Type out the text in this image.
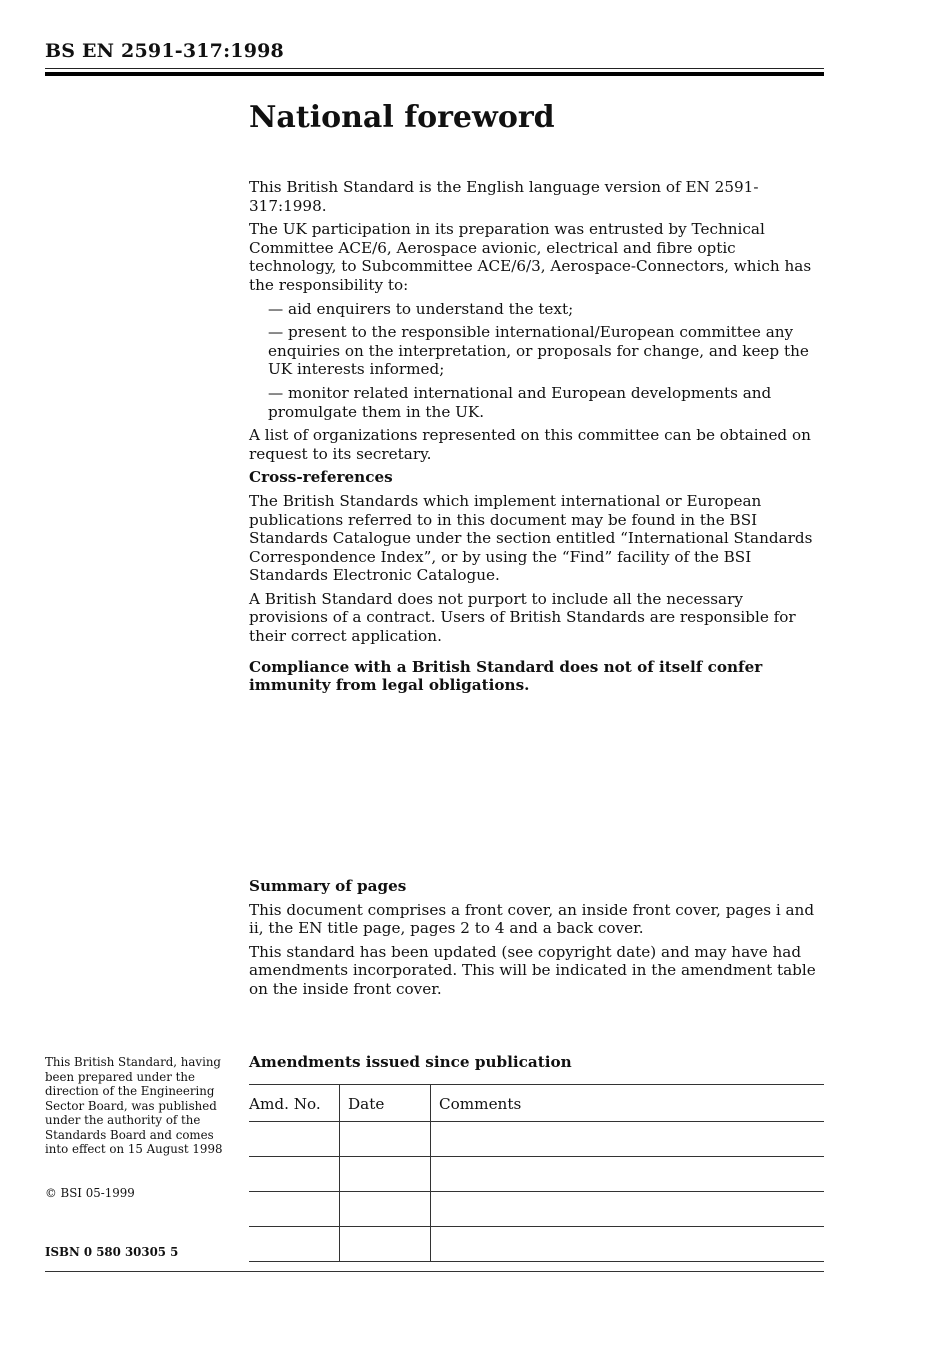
BS EN 2591-317:1998
National foreword

This British Standard is the English language version of EN 2591-317:1998.

The UK participation in its preparation was entrusted by Technical Committee ACE/6, Aerospace avionic, electrical and fibre optic technology, to Subcommittee ACE/6/3, Aerospace-Connectors, which has the responsibility to:

— aid enquirers to understand the text;

— present to the responsible international/European committee any enquiries on the interpretation, or proposals for change, and keep the UK interests informed;

— monitor related international and European developments and promulgate them in the UK.

A list of organizations represented on this committee can be obtained on request to its secretary.

Cross-references

The British Standards which implement international or European publications referred to in this document may be found in the BSI Standards Catalogue under the section entitled “International Standards Correspondence Index”, or by using the “Find” facility of the BSI Standards Electronic Catalogue.

A British Standard does not purport to include all the necessary provisions of a contract. Users of British Standards are responsible for their correct application.

Compliance with a British Standard does not of itself confer immunity from legal obligations.

Summary of pages

This document comprises a front cover, an inside front cover, pages i and ii, the EN title page, pages 2 to 4 and a back cover.

This standard has been updated (see copyright date) and may have had amendments incorporated. This will be indicated in the amendment table on the inside front cover.

This British Standard, having been prepared under the direction of the Engineering Sector Board, was published under the authority of the Standards Board and comes into effect on 15 August 1998
© BSI 05-1999
ISBN 0 580 30305 5
Amendments issued since publication
Amd. No.	Date	Comments
